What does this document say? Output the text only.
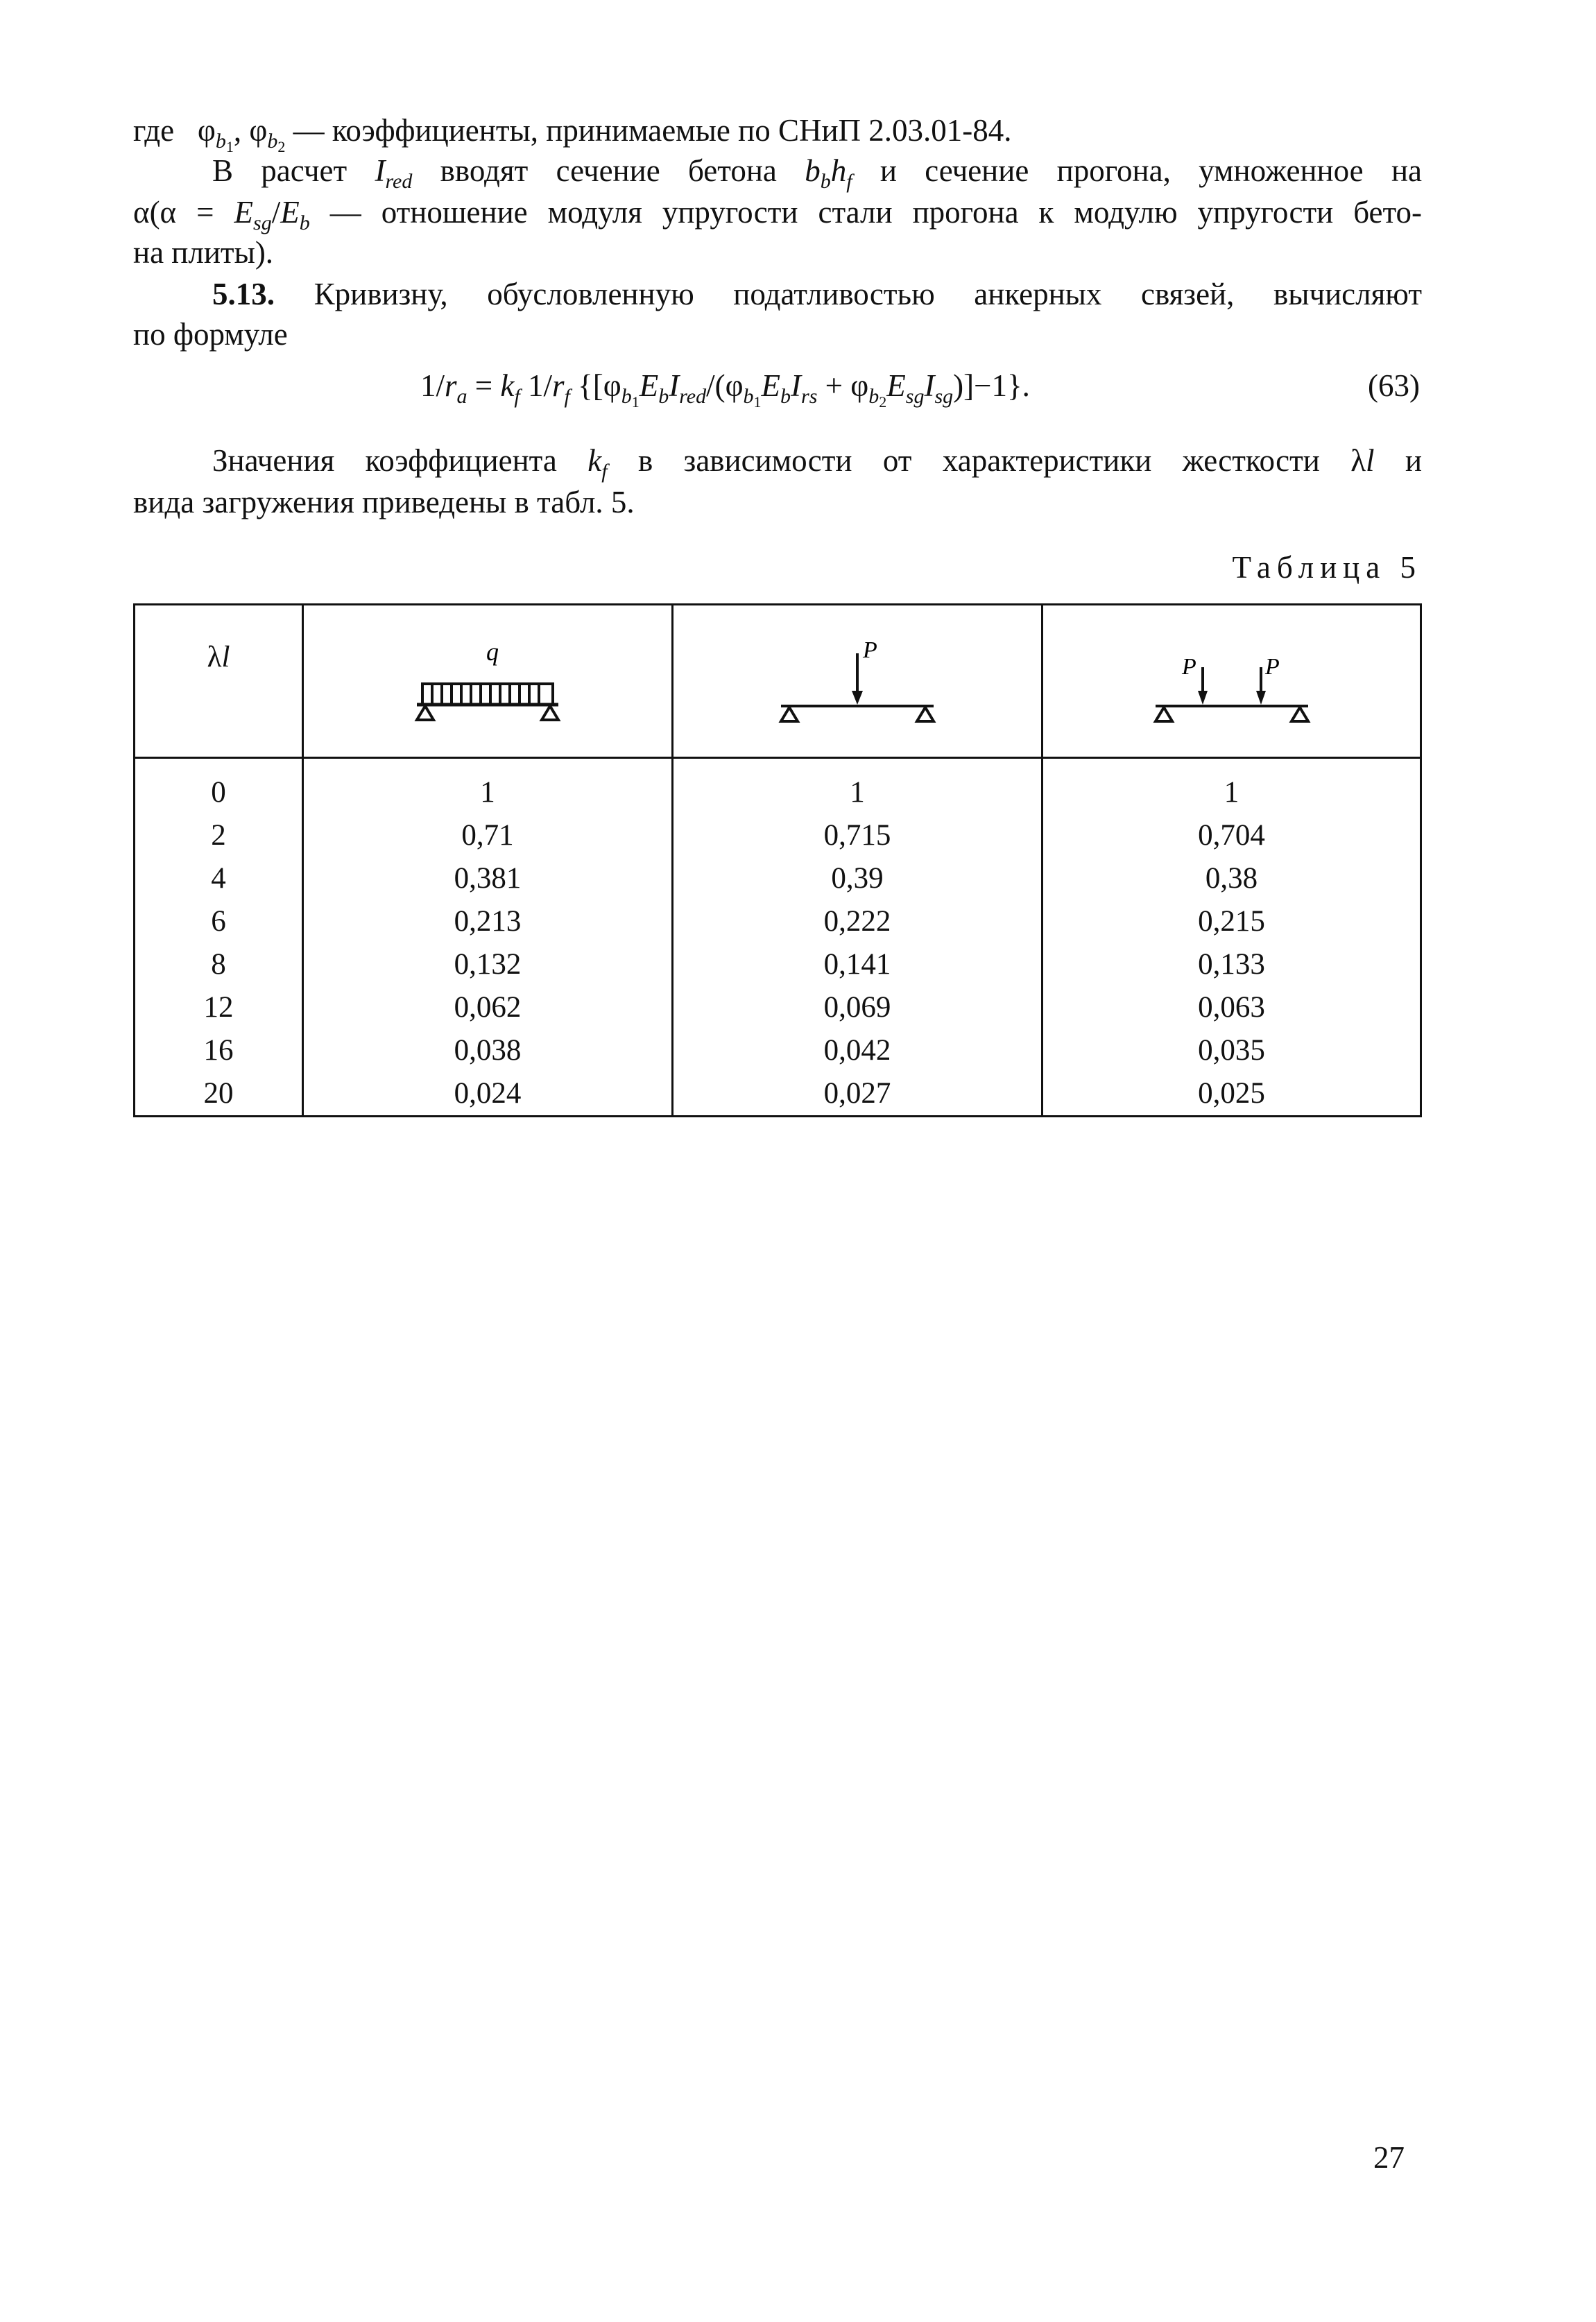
где $\varphi_{b_1}$, $\varphi_{b_2}$ — коэффициенты, принимаемые по СНиП 2.03.01-84.
В расчет $I_{red}$ вводят сечение бетона $b_bh_f$ и сечение прогона, умноженное на
$\alpha(\alpha = E_{sg}/E_b$ — отношение модуля упругости стали прогона к модулю упругости бето-
на плиты).
5.13. Кривизну, обусловленную податливостью анкерных связей, вычисляют
по формуле
$1/r_a = k_f$ $1/r_f$ $\{[\varphi_{b_1}E_bI_{red}/(\varphi_{b_1}E_bI_{rs} + \varphi_{b_2}E_{sg}I_{sg})]-1\}$.	(63)
Значения коэффициента $k_f$ в зависимости от характеристики жесткости λl и
вида загружения приведены в табл. 5.
Таблица 5
λl	q	P	P P

0	1	1	1
2	0,71	0,715	0,704
4	0,381	0,39	0,38
6	0,213	0,222	0,215
8	0,132	0,141	0,133
12	0,062	0,069	0,063
16	0,038	0,042	0,035
20	0,024	0,027	0,025

27
